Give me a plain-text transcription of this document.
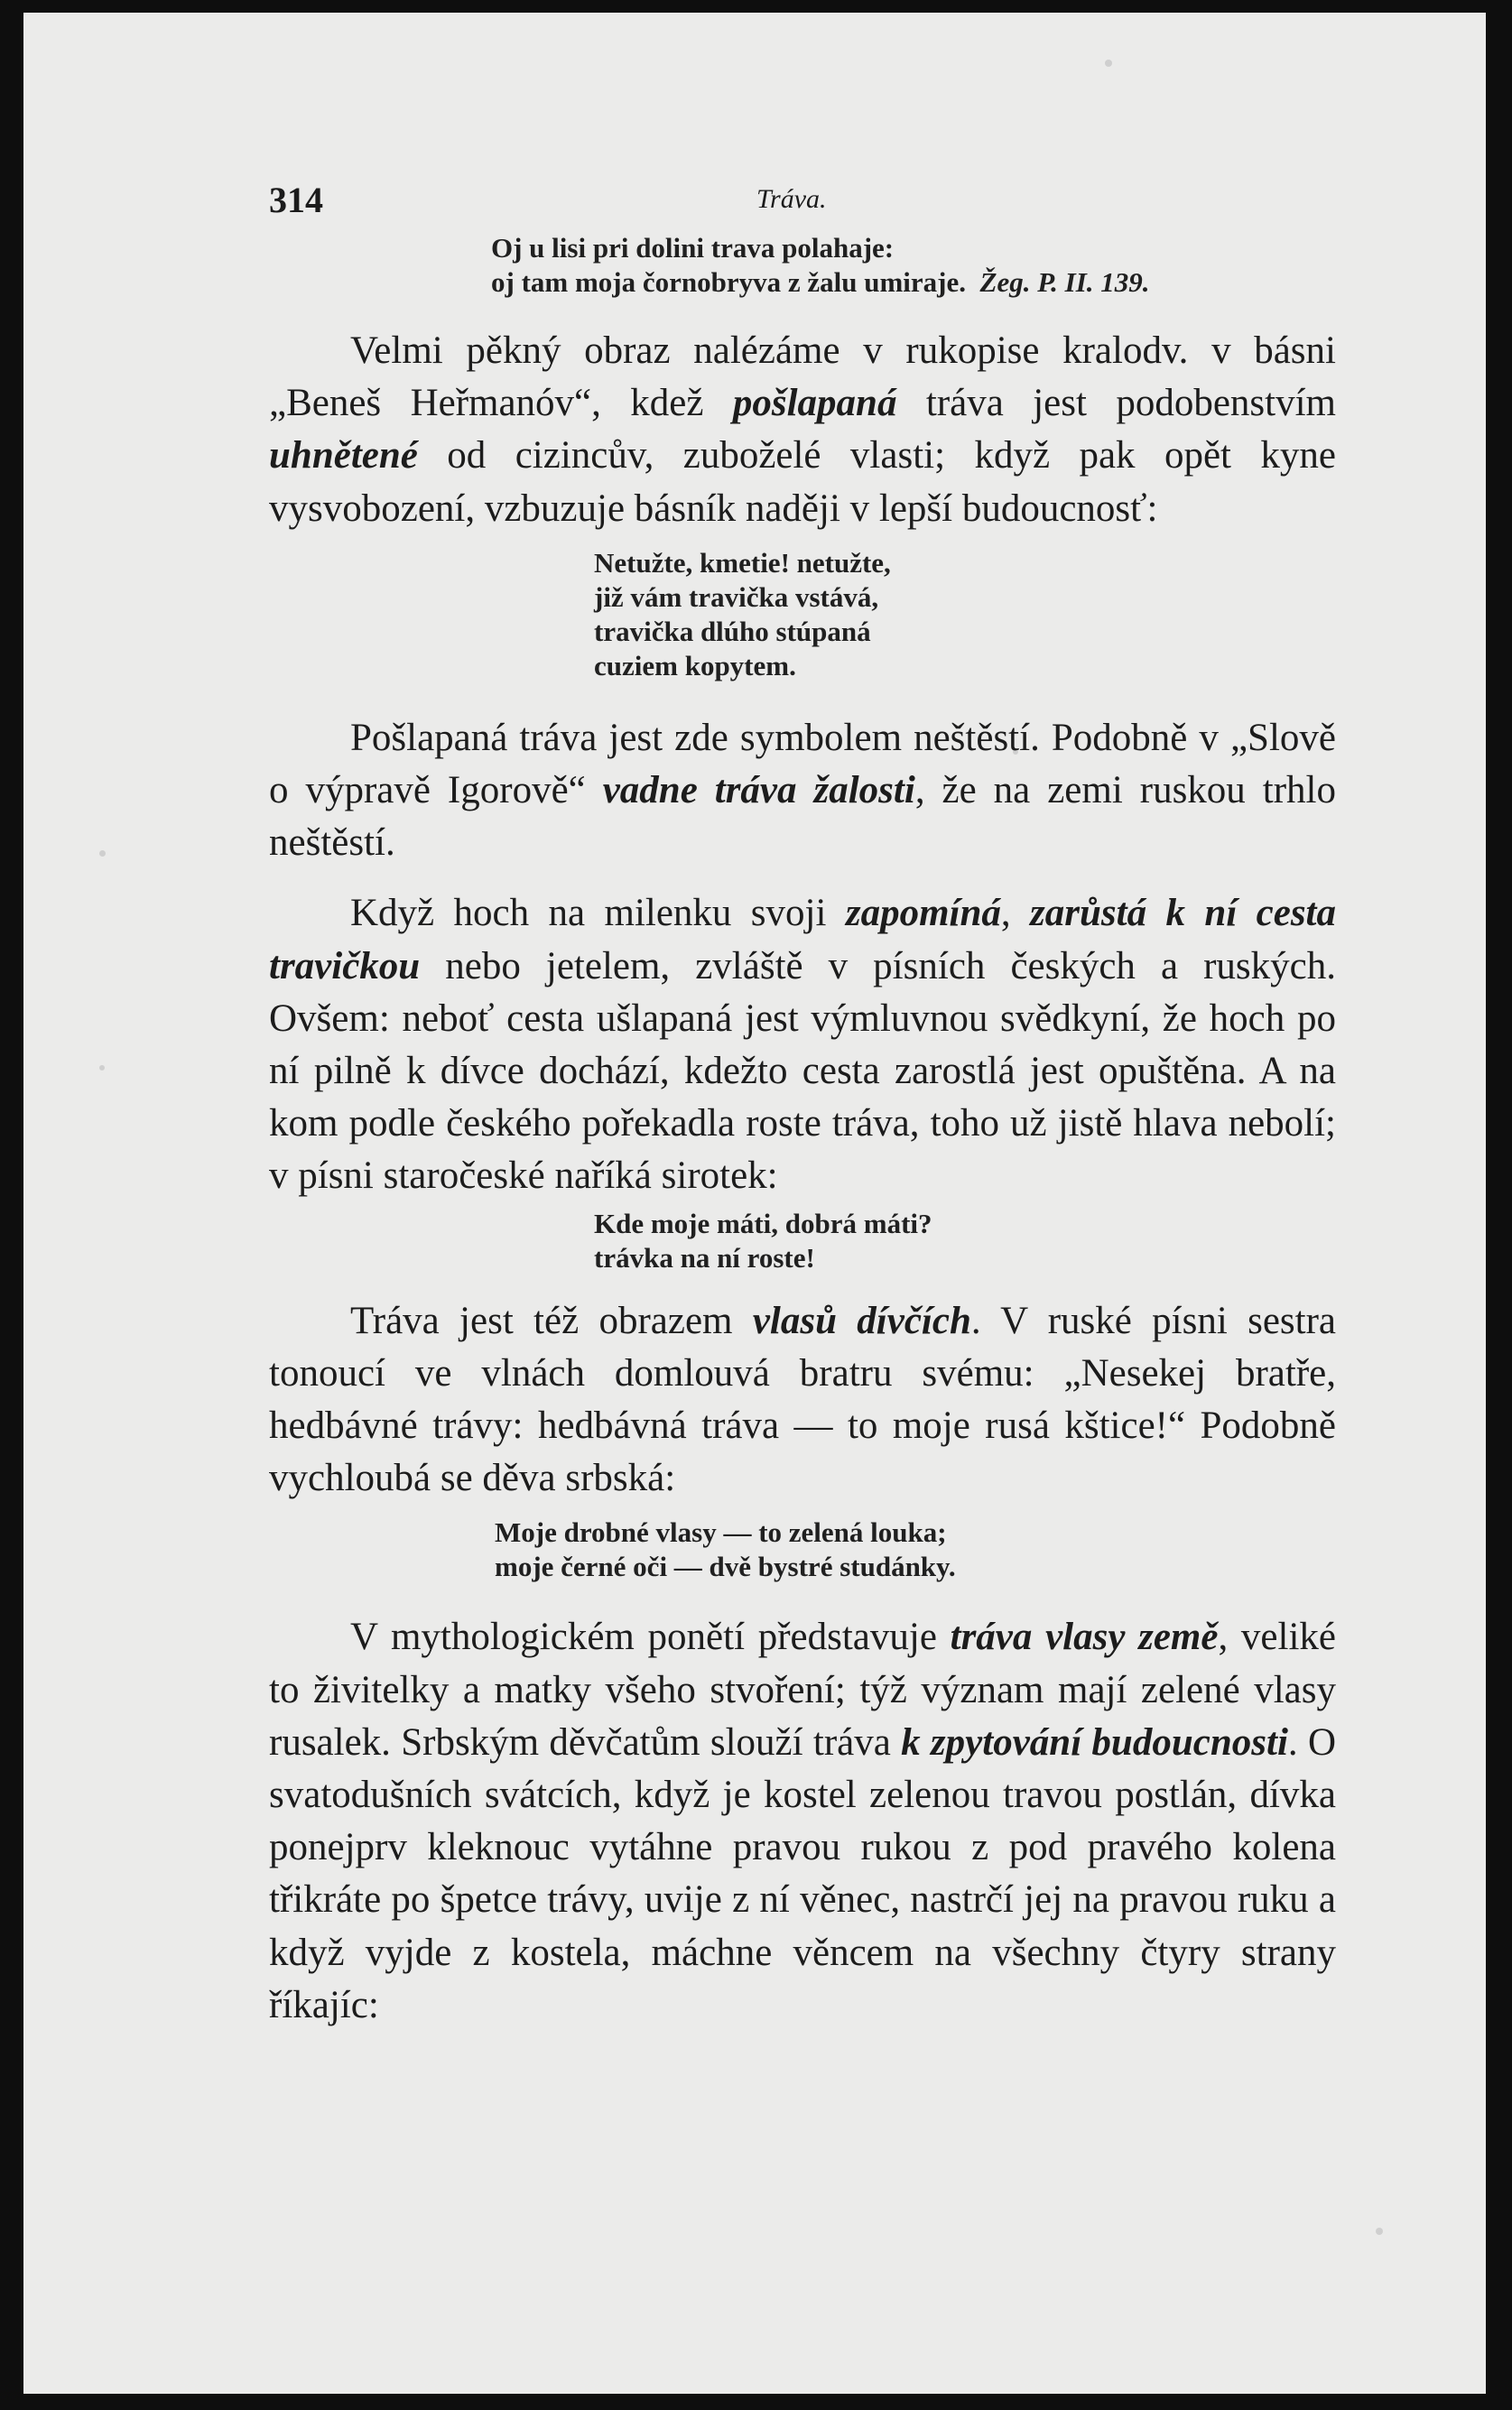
314	Tráva.

Oj u lisi pri dolini trava polahaje:

oj tam moja čornobryva z žalu umiraje. Žeg. P. II. 139.

Velmi pěkný obraz nalézáme v rukopise kralodv. v básni „Beneš Heřmanóv“, kdež pošlapaná tráva jest podobenstvím uhnětené od cizincův, zuboželé vlasti; když pak opět kyne vysvobození, vzbuzuje básník naději v lepší budoucnosť:

Netužte, kmetie! netužte,

již vám travička vstává,

travička dlúho stúpaná

cuziem kopytem.

Pošlapaná tráva jest zde symbolem neštěstí. Podobně v „Slově o výpravě Igorově“ vadne tráva žalosti, že na zemi ruskou trhlo neštěstí.

Když hoch na milenku svoji zapomíná, zarůstá k ní cesta travičkou nebo jetelem, zvláště v písních českých a ruských. Ovšem: neboť cesta ušlapaná jest výmluvnou svědkyní, že hoch po ní pilně k dívce dochází, kdežto cesta zarostlá jest opuštěna. A na kom podle českého pořekadla roste tráva, toho už jistě hlava nebolí; v písni staročeské naříká sirotek:

Kde moje máti, dobrá máti?

trávka na ní roste!

Tráva jest též obrazem vlasů dívčích. V ruské písni sestra tonoucí ve vlnách domlouvá bratru svému: „Nesekej bratře, hedbávné trávy: hedbávná tráva — to moje rusá kštice!“ Podobně vychloubá se děva srbská:

Moje drobné vlasy — to zelená louka;

moje černé oči — dvě bystré studánky.

V mythologickém ponětí představuje tráva vlasy země, veliké to živitelky a matky všeho stvoření; týž význam mají zelené vlasy rusalek. Srbským děvčatům slouží tráva k zpytování budoucnosti. O svatodušních svátcích, když je kostel zelenou travou postlán, dívka ponejprv kleknouc vytáhne pravou rukou z pod pravého kolena třikráte po špetce trávy, uvije z ní věnec, nastrčí jej na pravou ruku a když vyjde z kostela, máchne věncem na všechny čtyry strany říkajíc:
